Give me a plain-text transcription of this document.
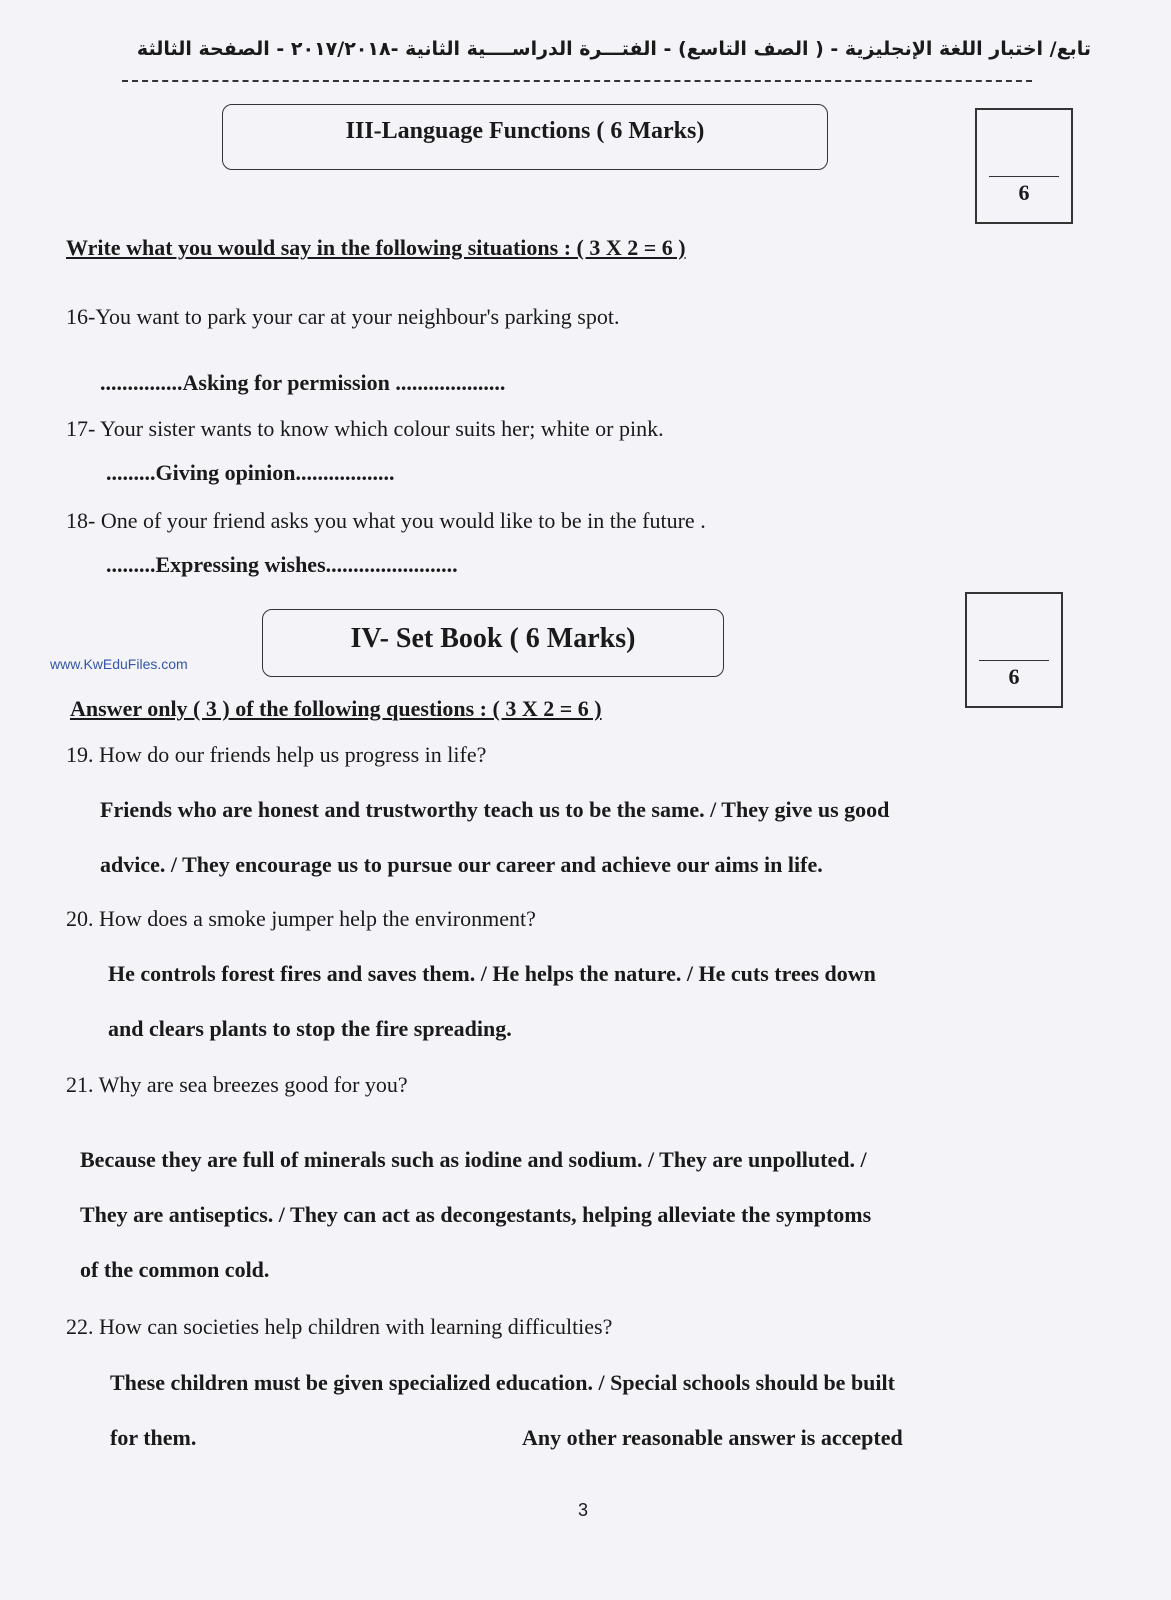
تابع/ اختبار اللغة الإنجليزية - ( الصف التاسع) - الفتـــرة الدراســــية الثانية -٢٠١٧/٢٠١٨ - الصفحة الثالثة
III-Language Functions ( 6 Marks)
6
Write what you would say in the following situations : ( 3 X 2 = 6 )
16-You want to park your car at your neighbour's parking spot.
...............Asking for permission ....................
17- Your sister wants to know which colour suits her; white or pink.
.........Giving opinion..................
18- One of your friend asks you what you would like to be in the future .
.........Expressing wishes........................
IV- Set Book ( 6 Marks)
www.KwEduFiles.com	6
Answer only ( 3 ) of the following questions : ( 3 X 2 = 6 )
19. How do our friends help us progress in life?
Friends who are honest and trustworthy teach us to be the same. / They give us good
advice. / They encourage us to pursue our career and achieve our aims in life.
20. How does a smoke jumper help the environment?
He controls forest fires and saves them. / He helps the nature. / He cuts trees down
and clears plants to stop the fire spreading.
21. Why are sea breezes good for you?
Because they are full of minerals such as iodine and sodium. / They are unpolluted. /
They are antiseptics. / They can act as decongestants, helping alleviate the symptoms
of the common cold.
22. How can societies help children with learning difficulties?
These children must be given specialized education. / Special schools should be built
for them.	Any other reasonable answer is accepted
3
